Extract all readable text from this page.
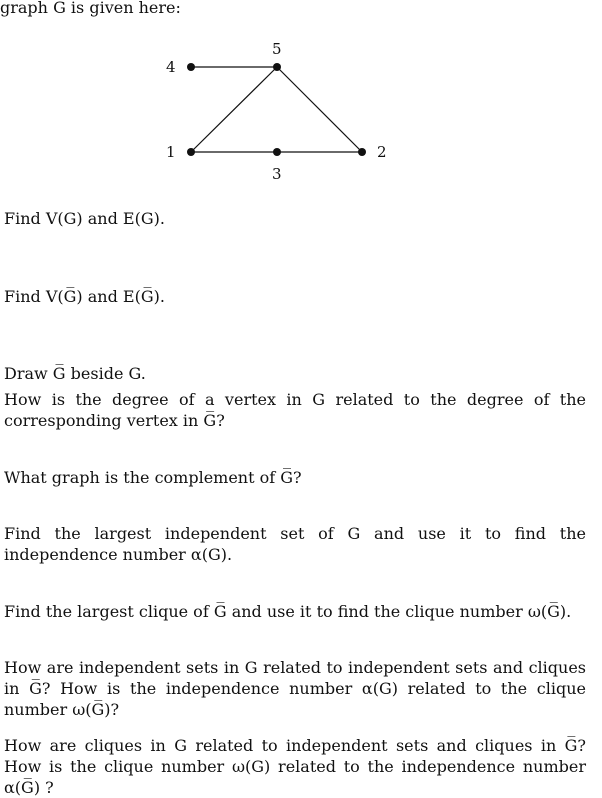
graph G is given here:

1	2
3
4
5

Find V(G) and E(G).

Find V(G̅) and E(G̅).

Draw G̅ beside G.

How is the degree of a vertex in G related to the degree of the corresponding vertex in G̅?

What graph is the complement of G̅?

Find the largest independent set of G and use it to find the independence number α(G).

Find the largest clique of G̅ and use it to find the clique number ω(G̅).

How are independent sets in G related to independent sets and cliques in G̅? How is the independence number α(G) related to the clique number ω(G̅)?

How are cliques in G related to independent sets and cliques in G̅? How is the clique number ω(G) related to the independence number α(G̅) ?
